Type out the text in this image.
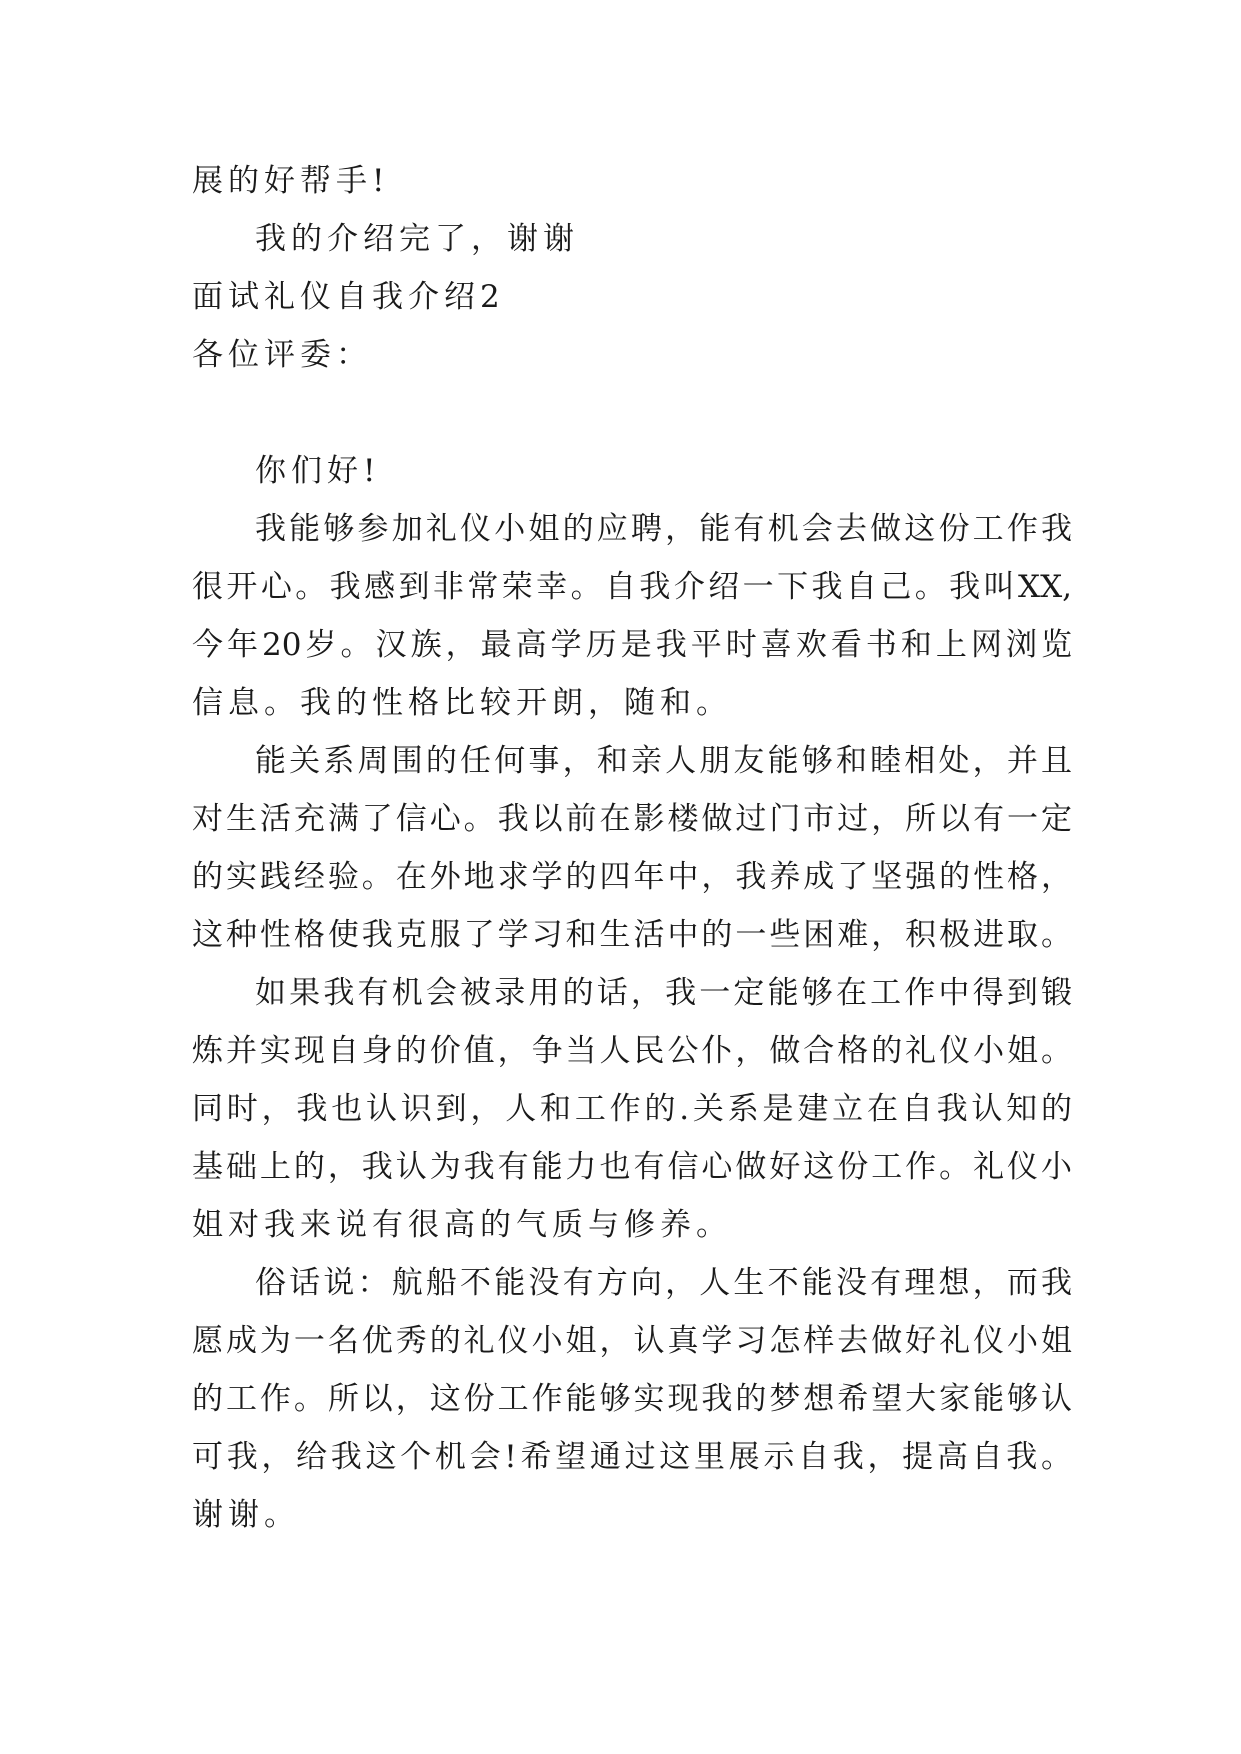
展的好帮手!
我的介绍完了，谢谢
面试礼仪自我介绍2
各位评委：
你们好!
我能够参加礼仪小姐的应聘，能有机会去做这份工作我
很开心。我感到非常荣幸。自我介绍一下我自己。我叫XX,
今年20岁。汉族，最高学历是我平时喜欢看书和上网浏览
信息。我的性格比较开朗，随和。
能关系周围的任何事，和亲人朋友能够和睦相处，并且
对生活充满了信心。我以前在影楼做过门市过，所以有一定
的实践经验。在外地求学的四年中，我养成了坚强的性格，
这种性格使我克服了学习和生活中的一些困难，积极进取。
如果我有机会被录用的话，我一定能够在工作中得到锻
炼并实现自身的价值，争当人民公仆，做合格的礼仪小姐。
同时，我也认识到，人和工作的.关系是建立在自我认知的
基础上的，我认为我有能力也有信心做好这份工作。礼仪小
姐对我来说有很高的气质与修养。
俗话说：航船不能没有方向，人生不能没有理想，而我
愿成为一名优秀的礼仪小姐，认真学习怎样去做好礼仪小姐
的工作。所以，这份工作能够实现我的梦想希望大家能够认
可我，给我这个机会!希望通过这里展示自我，提高自我。
谢谢。
